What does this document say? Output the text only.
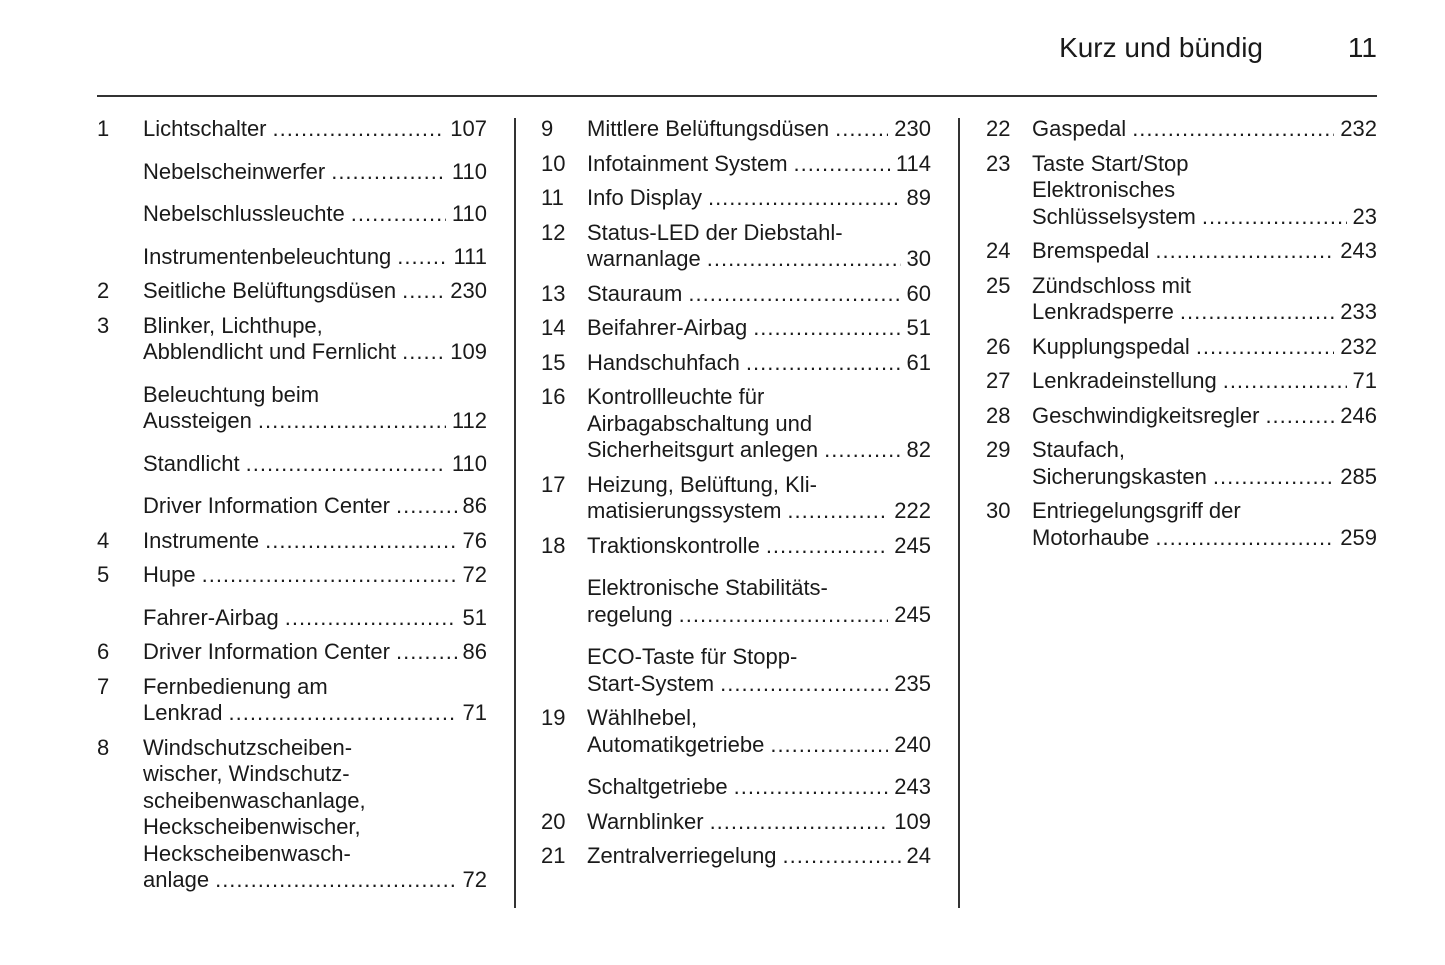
Kurz und bündig	11
1 Lichtschalter .....	107
Nebelscheinwerfer .....	110
Nebelschlussleuchte .....	110
Instrumentenbeleuchtung .....	111
2 Seitliche Belüftungsdüsen ..... 230
3 Blinker, Lichthupe,
Abblendlicht und Fernlicht ..... 109
Beleuchtung beim
Aussteigen .....	112
Standlicht .....	110
Driver Information Center .....	86
4 Instrumente .....	76
5 Hupe .....	72
Fahrer-Airbag .....	51
6 Driver Information Center .....	86
7 Fernbedienung am
Lenkrad .....	71
8 Windschutzscheiben-
wischer, Windschutz-
scheibenwaschanlage,
Heckscheibenwischer,
Heckscheibenwasch-
anlage .....	72
9 Mittlere Belüftungsdüsen .....	230
10 Infotainment System .....	114
11 Info Display .....	89
12 Status-LED der Diebstahl-
warnanlage .....	30
13 Stauraum .....	60
14 Beifahrer-Airbag .....	51
15 Handschuhfach .....	61
16 Kontrollleuchte für
Airbagabschaltung und
Sicherheitsgurt anlegen .....	82
17 Heizung, Belüftung, Kli-
matisierungssystem .....	222
18 Traktionskontrolle .....	245
Elektronische Stabilitäts-
regelung .....	245
ECO-Taste für Stopp-
Start-System .....	235
19 Wählhebel,
Automatikgetriebe .....	240
Schaltgetriebe .....	243
20 Warnblinker .....	109
21 Zentralverriegelung .....	24
22 Gaspedal .....	232
23 Taste Start/Stop
Elektronisches
Schlüsselsystem .....	23
24 Bremspedal .....	243
25 Zündschloss mit
Lenkradsperre .....	233
26 Kupplungspedal .....	232
27 Lenkradeinstellung .....	71
28 Geschwindigkeitsregler .....	246
29 Staufach,
Sicherungskasten .....	285
30 Entriegelungsgriff der
Motorhaube .....	259
